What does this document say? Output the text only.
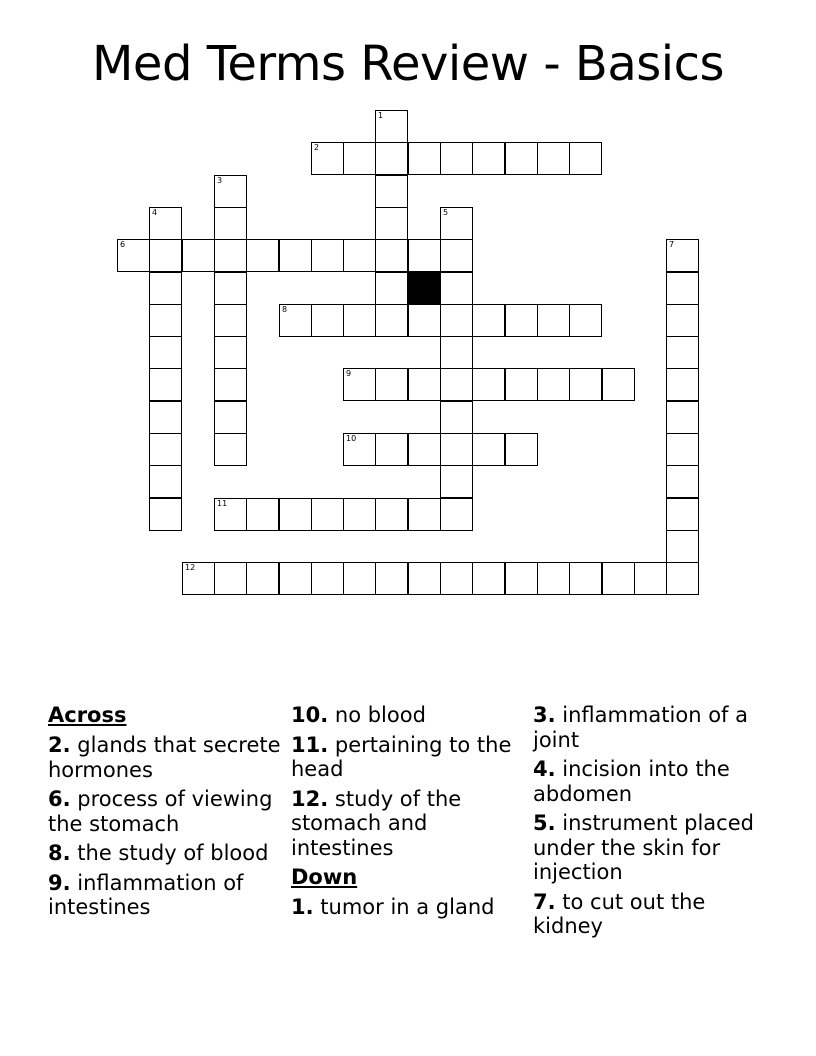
Med Terms Review - Basics
2
6
8
9
10
11
12
1
3
4	5
7
Across
2. glands that secrete hormones
6. process of viewing the stomach
8. the study of blood
9. inflammation of intestines
10. no blood
11. pertaining to the head
12. study of the stomach and intestines
Down
1. tumor in a gland
3. inflammation of a joint
4. incision into the abdomen
5. instrument placed under the skin for injection
7. to cut out the kidney
